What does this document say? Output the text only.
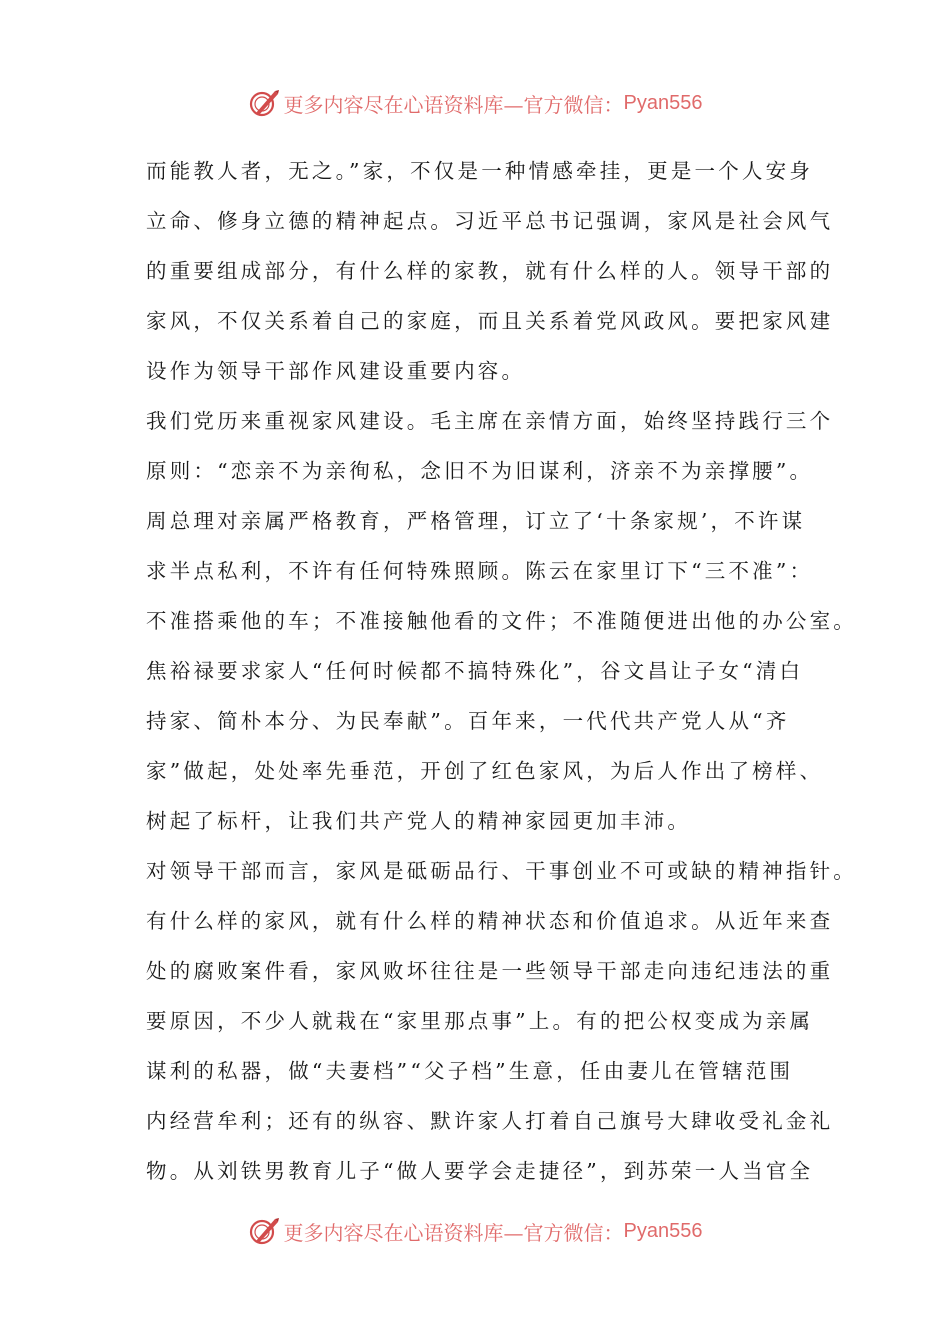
更多内容尽在心语资料库—官方微信： Pyan556
而能教人者，无之。”家，不仅是一种情感牵挂，更是一个人安身
立命、修身立德的精神起点。习近平总书记强调，家风是社会风气
的重要组成部分，有什么样的家教，就有什么样的人。领导干部的
家风，不仅关系着自己的家庭，而且关系着党风政风。要把家风建
设作为领导干部作风建设重要内容。
我们党历来重视家风建设。毛主席在亲情方面，始终坚持践行三个
原则：“恋亲不为亲徇私，念旧不为旧谋利，济亲不为亲撑腰”。
周总理对亲属严格教育，严格管理，订立了‘十条家规’，不许谋
求半点私利，不许有任何特殊照顾。陈云在家里订下“三不准”：
不准搭乘他的车；不准接触他看的文件；不准随便进出他的办公室。
焦裕禄要求家人“任何时候都不搞特殊化”，谷文昌让子女“清白
持家、简朴本分、为民奉献”。百年来，一代代共产党人从“齐
家”做起，处处率先垂范，开创了红色家风，为后人作出了榜样、
树起了标杆，让我们共产党人的精神家园更加丰沛。
对领导干部而言，家风是砥砺品行、干事创业不可或缺的精神指针。
有什么样的家风，就有什么样的精神状态和价值追求。从近年来查
处的腐败案件看，家风败坏往往是一些领导干部走向违纪违法的重
要原因，不少人就栽在“家里那点事”上。有的把公权变成为亲属
谋利的私器，做“夫妻档”“父子档”生意，任由妻儿在管辖范围
内经营牟利；还有的纵容、默许家人打着自己旗号大肆收受礼金礼
物。从刘铁男教育儿子“做人要学会走捷径”，到苏荣一人当官全
更多内容尽在心语资料库—官方微信： Pyan556
